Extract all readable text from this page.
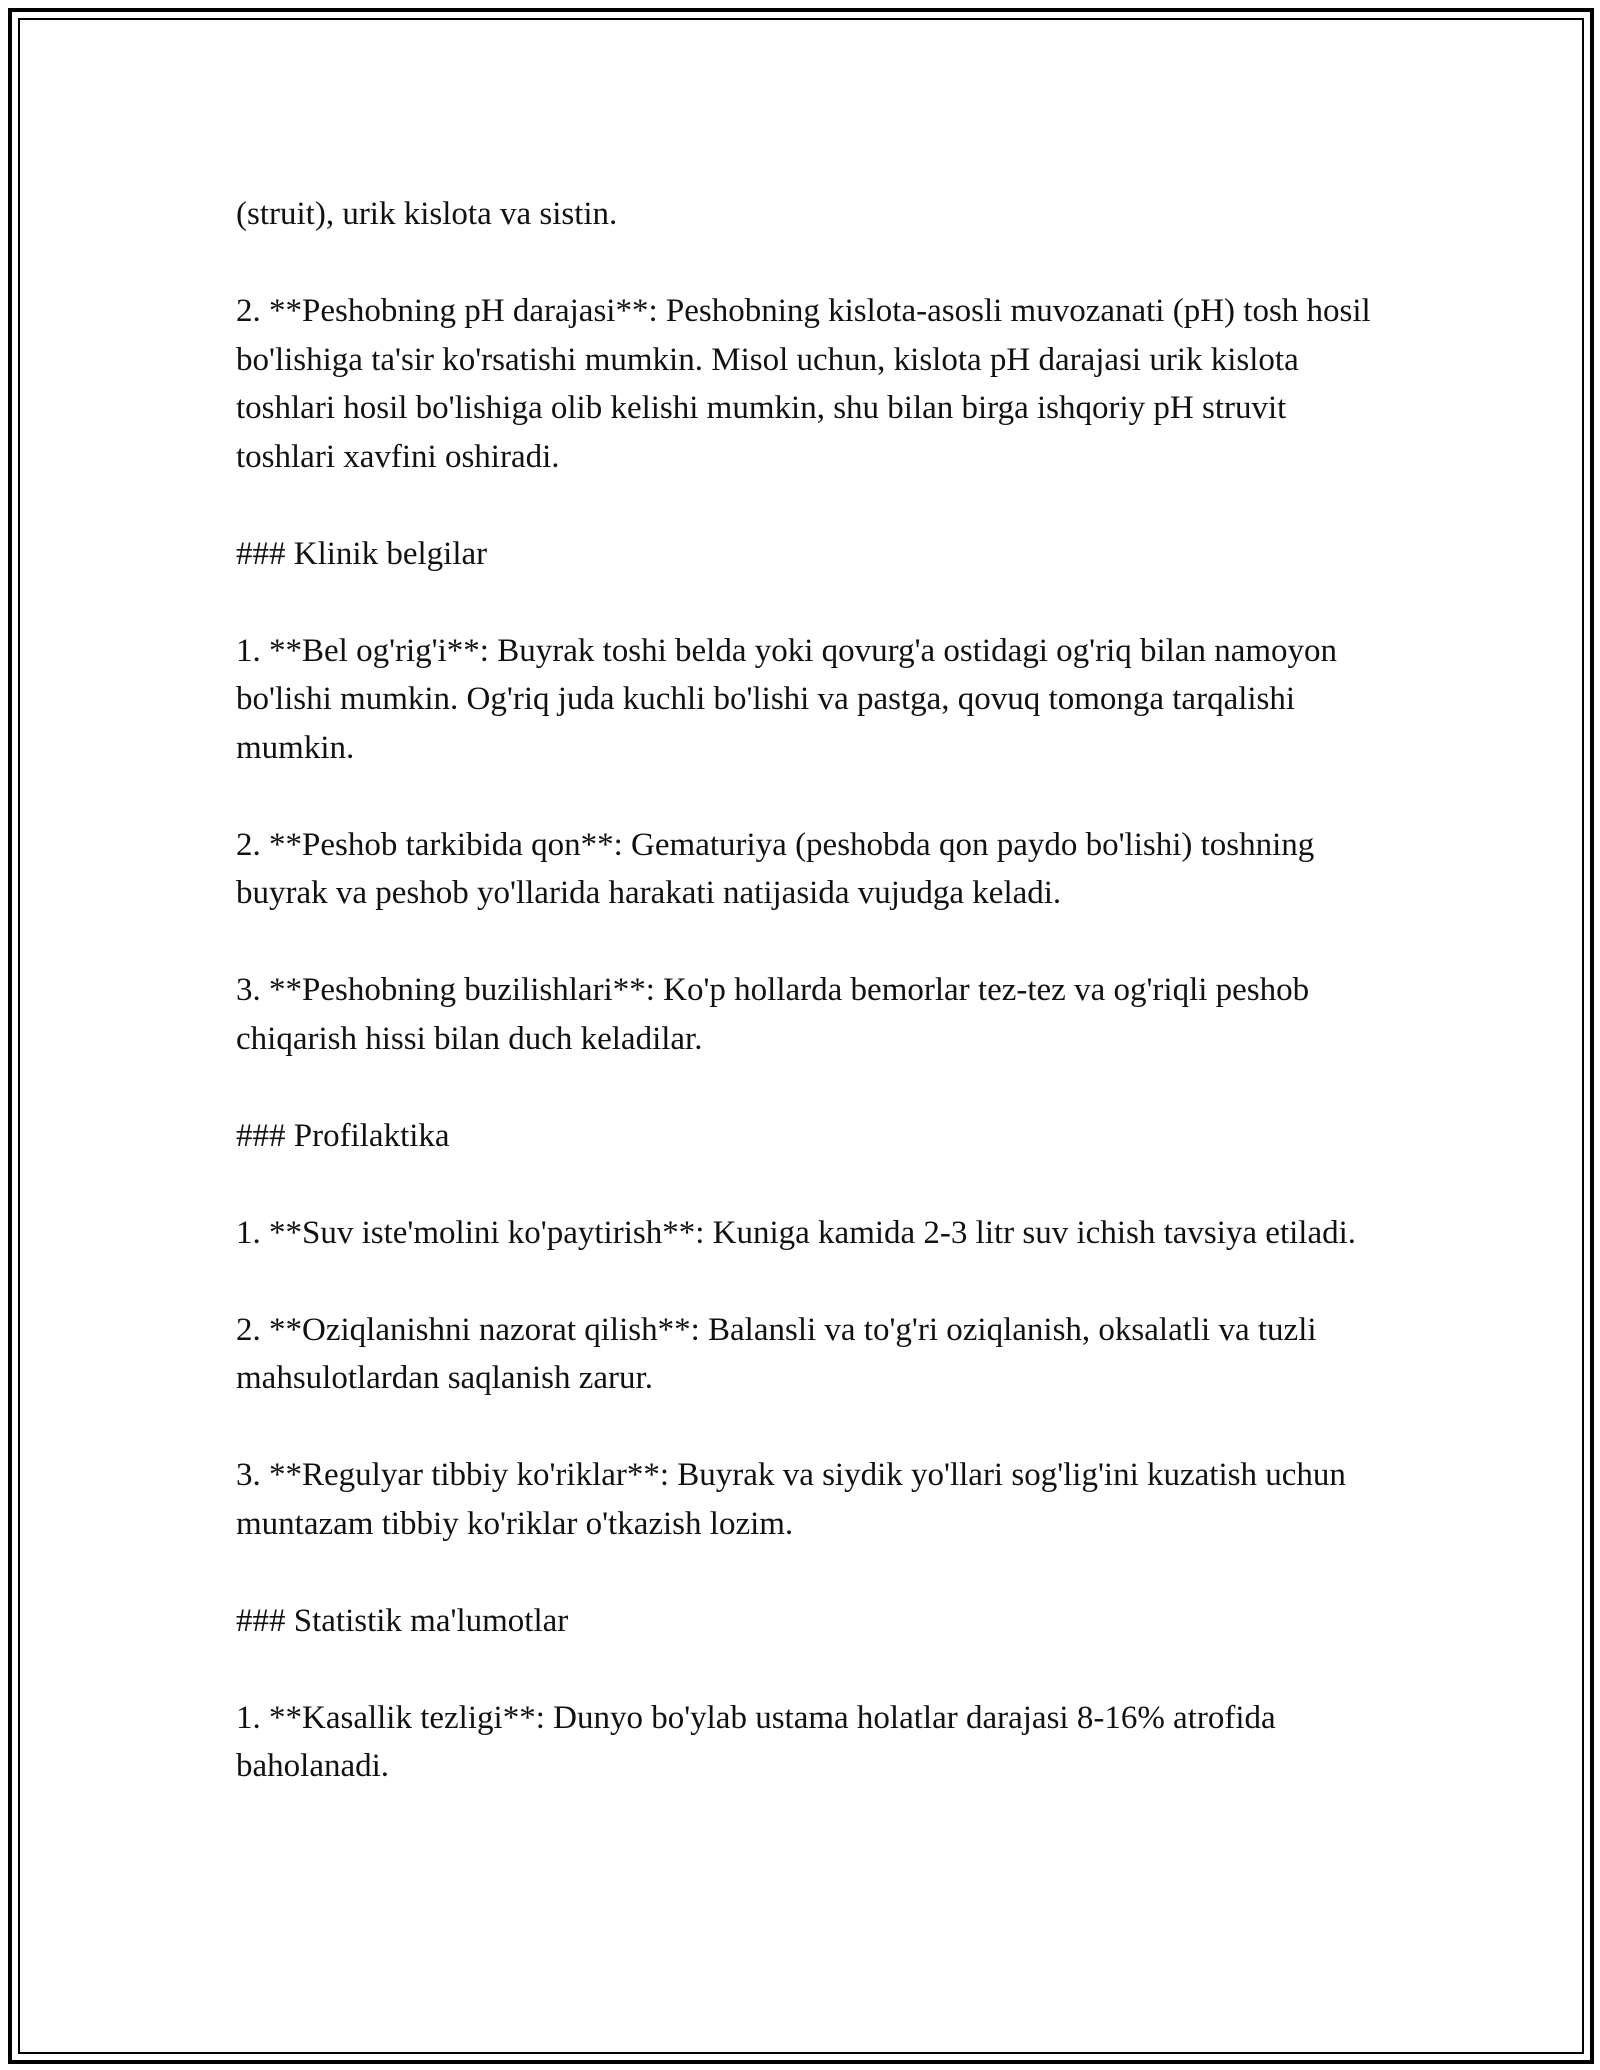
(struit), urik kislota va sistin.

2. **Peshobning pH darajasi**: Peshobning kislota-asosli muvozanati (pH) tosh hosil bo'lishiga ta'sir ko'rsatishi mumkin. Misol uchun, kislota pH darajasi urik kislota toshlari hosil bo'lishiga olib kelishi mumkin, shu bilan birga ishqoriy pH struvit toshlari xavfini oshiradi.

### Klinik belgilar

1. **Bel og'rig'i**: Buyrak toshi belda yoki qovurg'a ostidagi og'riq bilan namoyon bo'lishi mumkin. Og'riq juda kuchli bo'lishi va pastga, qovuq tomonga tarqalishi mumkin.

2. **Peshob tarkibida qon**: Gematuriya (peshobda qon paydo bo'lishi) toshning buyrak va peshob yo'llarida harakati natijasida vujudga keladi.

3. **Peshobning buzilishlari**: Ko'p hollarda bemorlar tez-tez va og'riqli peshob chiqarish hissi bilan duch keladilar.

### Profilaktika

1. **Suv iste'molini ko'paytirish**: Kuniga kamida 2-3 litr suv ichish tavsiya etiladi.

2. **Oziqlanishni nazorat qilish**: Balansli va to'g'ri oziqlanish, oksalatli va tuzli mahsulotlardan saqlanish zarur.

3. **Regulyar tibbiy ko'riklar**: Buyrak va siydik yo'llari sog'lig'ini kuzatish uchun muntazam tibbiy ko'riklar o'tkazish lozim.

### Statistik ma'lumotlar

1. **Kasallik tezligi**: Dunyo bo'ylab ustama holatlar darajasi 8-16% atrofida baholanadi.
